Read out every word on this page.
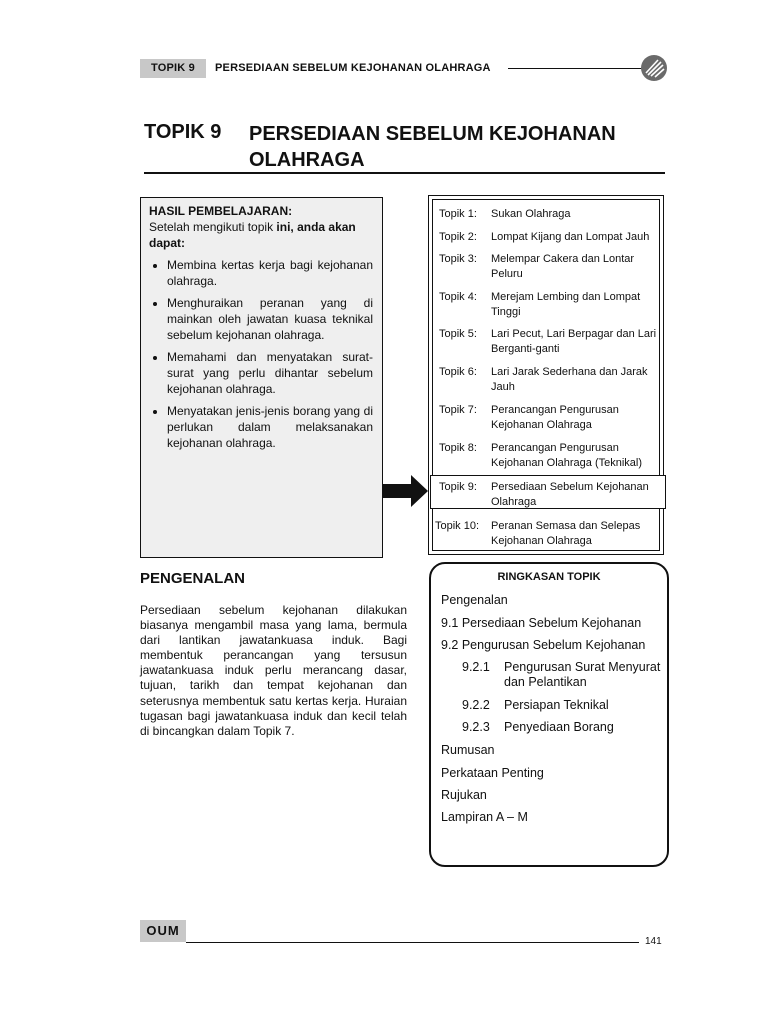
TOPIK 9	PERSEDIAAN SEBELUM KEJOHANAN OLAHRAGA
TOPIK 9 PERSEDIAAN SEBELUM KEJOHANAN OLAHRAGA
HASIL PEMBELAJARAN:
Setelah mengikuti topik ini, anda akan dapat:
• Membina kertas kerja bagi kejohanan olahraga.
• Menghuraikan peranan yang di mainkan oleh jawatan kuasa teknikal sebelum kejohanan olahraga.
• Memahami dan menyatakan surat-surat yang perlu dihantar sebelum kejohanan olahraga.
• Menyatakan jenis-jenis borang yang di perlukan dalam melaksanakan kejohanan olahraga.
Topik 1: Sukan Olahraga
Topik 2: Lompat Kijang dan Lompat Jauh
Topik 3: Melempar Cakera dan Lontar Peluru
Topik 4: Merejam Lembing dan Lompat Tinggi
Topik 5: Lari Pecut, Lari Berpagar dan Lari Berganti-ganti
Topik 6: Lari Jarak Sederhana dan Jarak Jauh
Topik 7: Perancangan Pengurusan Kejohanan Olahraga
Topik 8: Perancangan Pengurusan Kejohanan Olahraga (Teknikal)
Topik 9: Persediaan Sebelum Kejohanan Olahraga
Topik 10: Peranan Semasa dan Selepas Kejohanan Olahraga
PENGENALAN
Persediaan sebelum kejohanan dilakukan biasanya mengambil masa yang lama, bermula dari lantikan jawatankuasa induk. Bagi membentuk perancangan yang tersusun jawatankuasa induk perlu merancang dasar, tujuan, tarikh dan tempat kejohanan dan seterusnya membentuk satu kertas kerja. Huraian tugasan bagi jawatankuasa induk dan kecil telah di bincangkan dalam Topik 7.
RINGKASAN TOPIK
Pengenalan
9.1 Persediaan Sebelum Kejohanan
9.2 Pengurusan Sebelum Kejohanan
9.2.1 Pengurusan Surat Menyurat dan Pelantikan
9.2.2 Persiapan Teknikal
9.2.3 Penyediaan Borang
Rumusan
Perkataan Penting
Rujukan
Lampiran A – M
OUM
141
